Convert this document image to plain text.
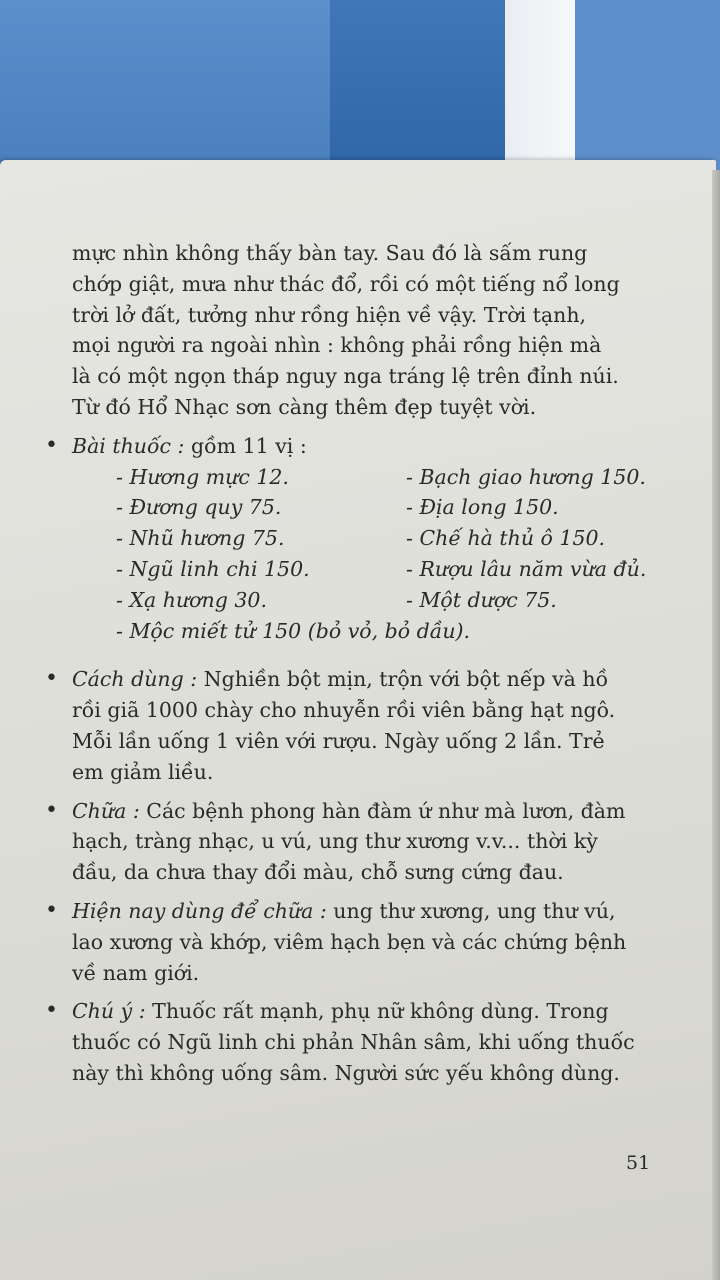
mực nhìn không thấy bàn tay. Sau đó là sấm rung

chớp giật, mưa như thác đổ, rồi có một tiếng nổ long

trời lở đất, tưởng như rồng hiện về vậy. Trời tạnh,

mọi người ra ngoài nhìn : không phải rồng hiện mà

là có một ngọn tháp nguy nga tráng lệ trên đỉnh núi.

Từ đó Hổ Nhạc sơn càng thêm đẹp tuyệt vời.

• Bài thuốc : gồm 11 vị :
- Hương mực 12.	- Bạch giao hương 150.
- Đương quy 75.	- Địa long 150.
- Nhũ hương 75.	- Chế hà thủ ô 150.
- Ngũ linh chi 150.	- Rượu lâu năm vừa đủ.
- Xạ hương 30.	- Một dược 75.
- Mộc miết tử 150 (bỏ vỏ, bỏ dầu).
• Cách dùng : Nghiền bột mịn, trộn với bột nếp và hồ

rồi giã 1000 chày cho nhuyễn rồi viên bằng hạt ngô.

Mỗi lần uống 1 viên với rượu. Ngày uống 2 lần. Trẻ

em giảm liều.

• Chữa : Các bệnh phong hàn đàm ứ như mà lươn, đàm

hạch, tràng nhạc, u vú, ung thư xương v.v... thời kỳ

đầu, da chưa thay đổi màu, chỗ sưng cứng đau.

• Hiện nay dùng để chữa : ung thư xương, ung thư vú,

lao xương và khớp, viêm hạch bẹn và các chứng bệnh

về nam giới.

• Chú ý : Thuốc rất mạnh, phụ nữ không dùng. Trong

thuốc có Ngũ linh chi phản Nhân sâm, khi uống thuốc

này thì không uống sâm. Người sức yếu không dùng.

51
